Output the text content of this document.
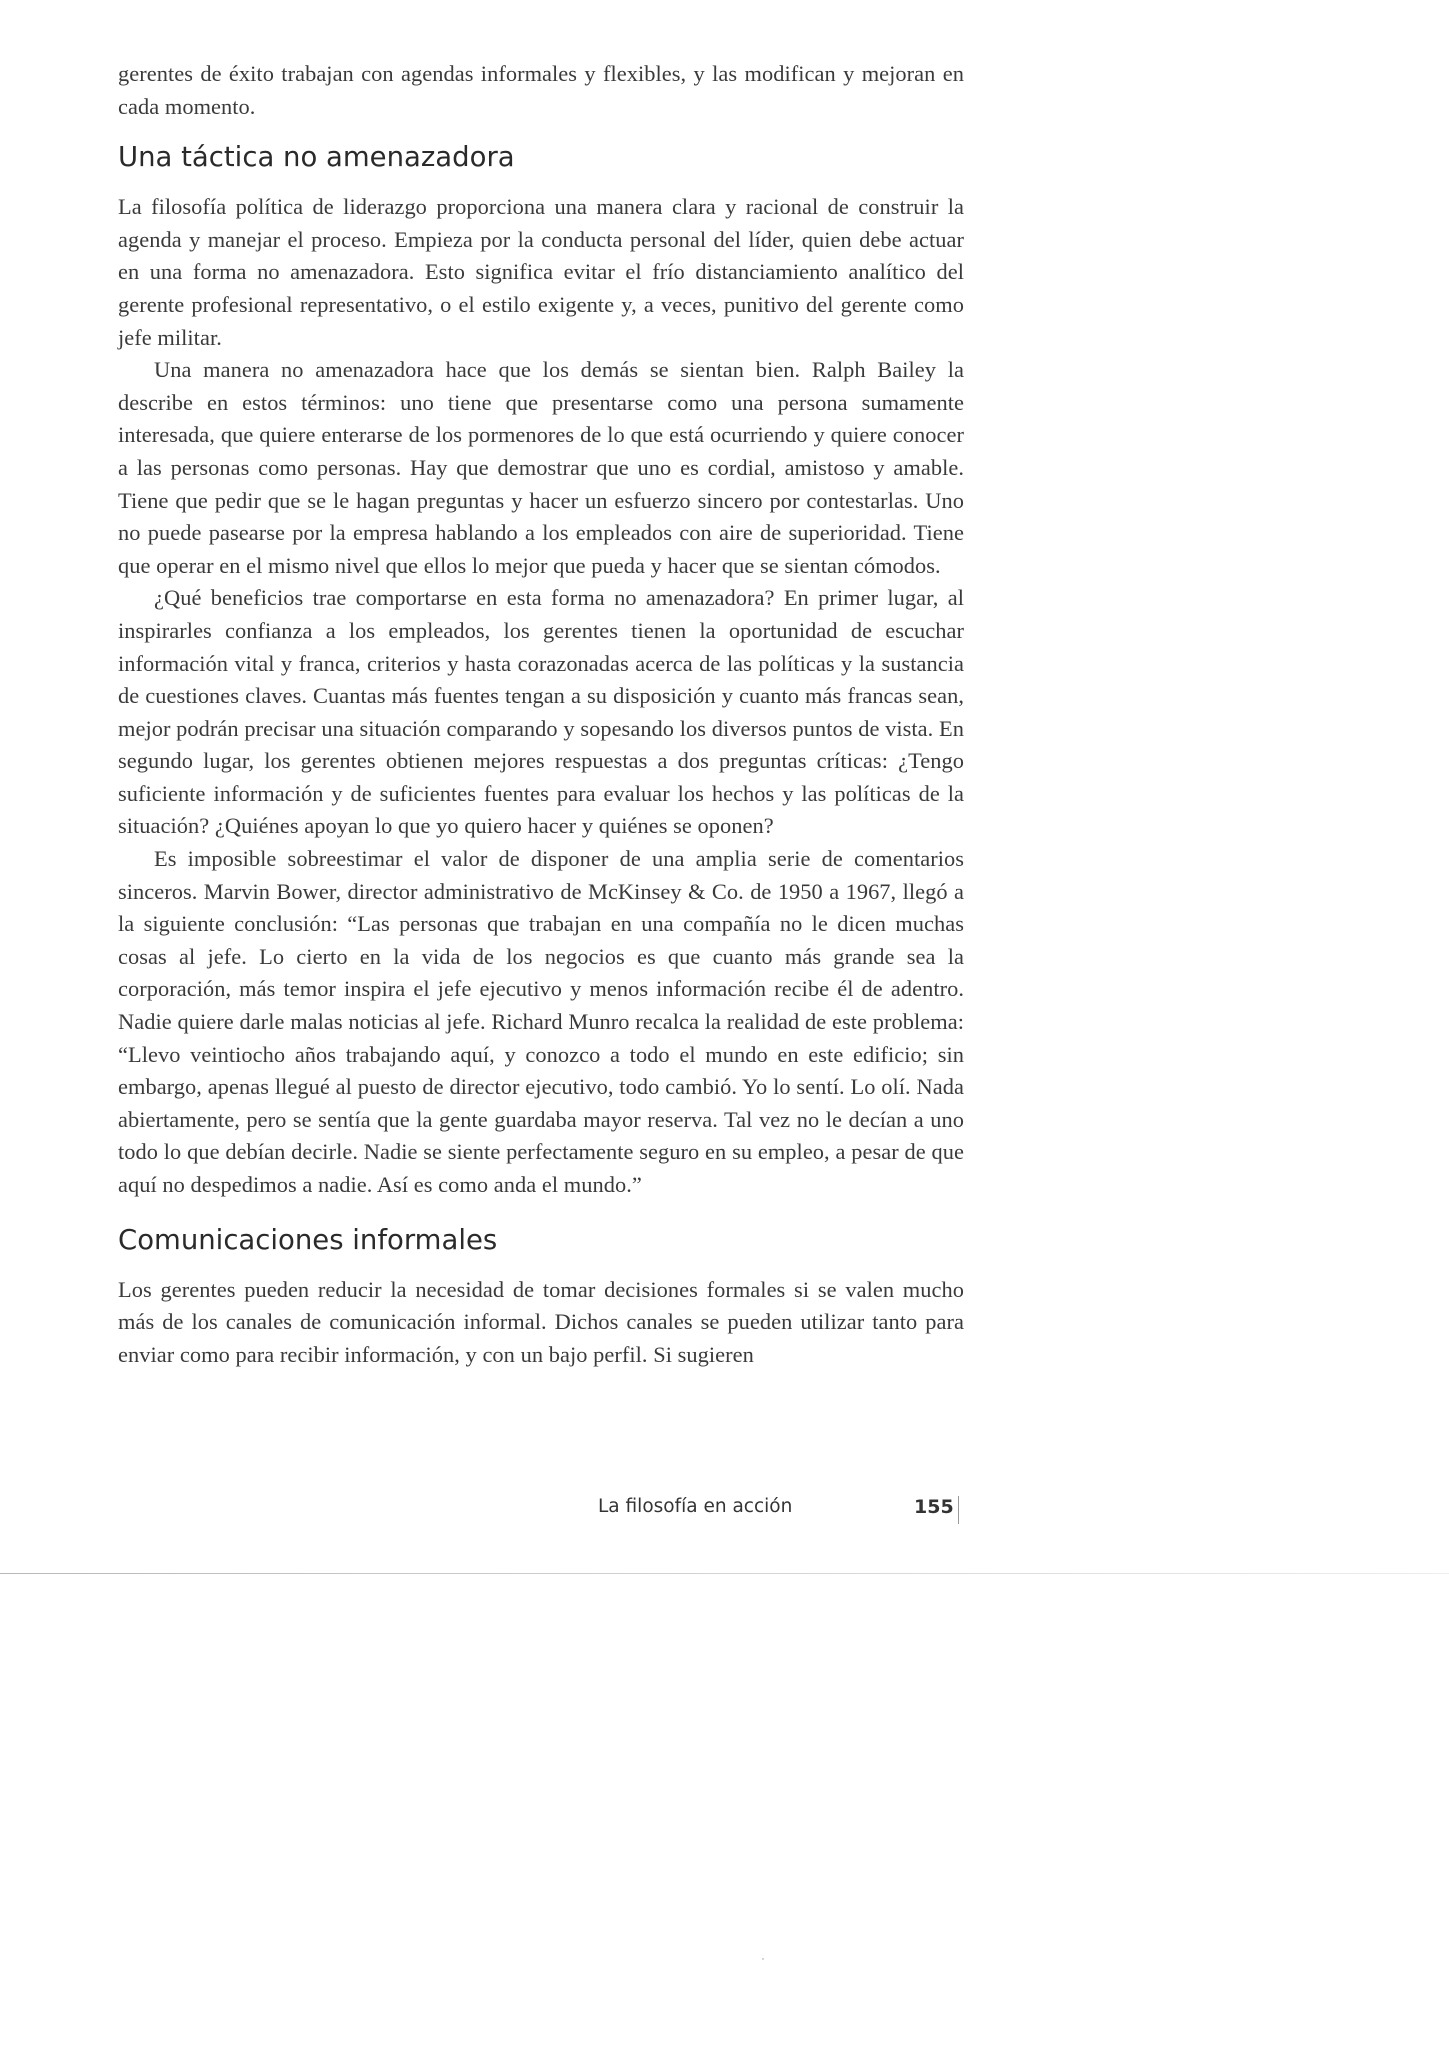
gerentes de éxito trabajan con agendas informales y flexibles, y las modifican y mejoran en cada momento.

Una táctica no amenazadora

La filosofía política de liderazgo proporciona una manera clara y racional de construir la agenda y manejar el proceso. Empieza por la conducta personal del líder, quien debe actuar en una forma no amenazadora. Esto significa evitar el frío distanciamiento analítico del gerente profesional representativo, o el estilo exigente y, a veces, punitivo del gerente como jefe militar.

Una manera no amenazadora hace que los demás se sientan bien. Ralph Bailey la describe en estos términos: uno tiene que presentarse como una persona sumamente interesada, que quiere enterarse de los pormenores de lo que está ocurriendo y quiere conocer a las personas como personas. Hay que demostrar que uno es cordial, amistoso y amable. Tiene que pedir que se le hagan preguntas y hacer un esfuerzo sincero por contestarlas. Uno no puede pasearse por la empresa hablando a los empleados con aire de superioridad. Tiene que operar en el mismo nivel que ellos lo mejor que pueda y hacer que se sientan cómodos.

¿Qué beneficios trae comportarse en esta forma no amenazadora? En primer lugar, al inspirarles confianza a los empleados, los gerentes tienen la oportunidad de escuchar información vital y franca, criterios y hasta corazonadas acerca de las políticas y la sustancia de cuestiones claves. Cuantas más fuentes tengan a su disposición y cuanto más francas sean, mejor podrán precisar una situación comparando y sopesando los diversos puntos de vista. En segundo lugar, los gerentes obtienen mejores respuestas a dos preguntas críticas: ¿Tengo suficiente información y de suficientes fuentes para evaluar los hechos y las políticas de la situación? ¿Quiénes apoyan lo que yo quiero hacer y quiénes se oponen?

Es imposible sobreestimar el valor de disponer de una amplia serie de comentarios sinceros. Marvin Bower, director administrativo de McKinsey & Co. de 1950 a 1967, llegó a la siguiente conclusión: “Las personas que trabajan en una compañía no le dicen muchas cosas al jefe. Lo cierto en la vida de los negocios es que cuanto más grande sea la corporación, más temor inspira el jefe ejecutivo y menos información recibe él de adentro. Nadie quiere darle malas noticias al jefe. Richard Munro recalca la realidad de este problema: “Llevo veintiocho años trabajando aquí, y conozco a todo el mundo en este edificio; sin embargo, apenas llegué al puesto de director ejecutivo, todo cambió. Yo lo sentí. Lo olí. Nada abiertamente, pero se sentía que la gente guardaba mayor reserva. Tal vez no le decían a uno todo lo que debían decirle. Nadie se siente perfectamente seguro en su empleo, a pesar de que aquí no despedimos a nadie. Así es como anda el mundo.”

Comunicaciones informales

Los gerentes pueden reducir la necesidad de tomar decisiones formales si se valen mucho más de los canales de comunicación informal. Dichos canales se pueden utilizar tanto para enviar como para recibir información, y con un bajo perfil. Si sugieren

La filosofía en acción	155
